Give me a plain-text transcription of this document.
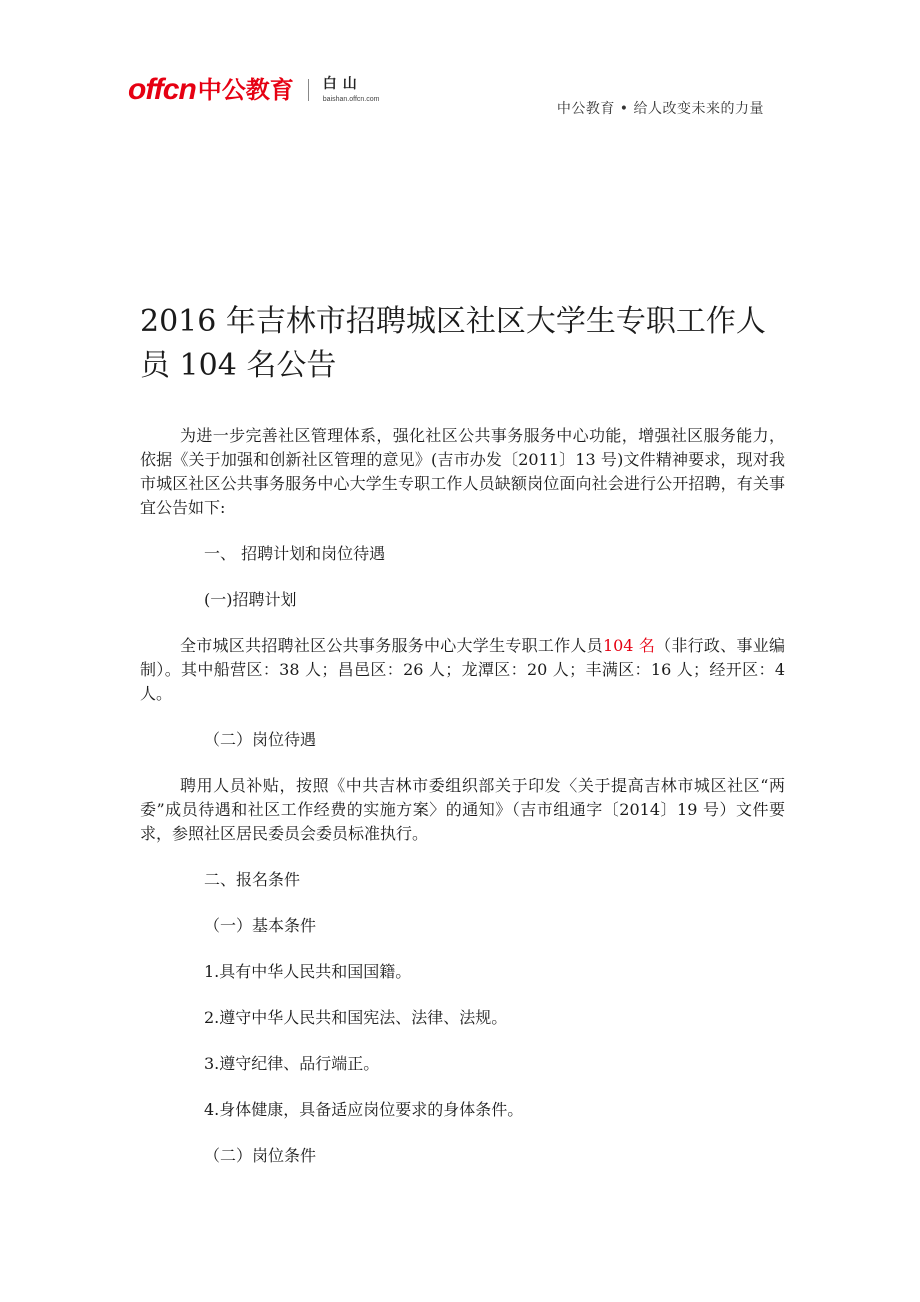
offcn 中公教育 白山
baishan.offcn.com
中公教育 • 给人改变未来的力量
2016 年吉林市招聘城区社区大学生专职工作人员 104 名公告

为进一步完善社区管理体系，强化社区公共事务服务中心功能，增强社区服务能力，依据《关于加强和创新社区管理的意见》(吉市办发〔2011〕13 号)文件精神要求，现对我市城区社区公共事务服务中心大学生专职工作人员缺额岗位面向社会进行公开招聘，有关事宜公告如下:

一、 招聘计划和岗位待遇

(一)招聘计划

全市城区共招聘社区公共事务服务中心大学生专职工作人员104 名（非行政、事业编制）。其中船营区：38 人；昌邑区：26 人；龙潭区：20 人；丰满区：16 人；经开区：4 人。

（二）岗位待遇

聘用人员补贴，按照《中共吉林市委组织部关于印发〈关于提高吉林市城区社区“两委”成员待遇和社区工作经费的实施方案〉的通知》（吉市组通字〔2014〕19 号）文件要求，参照社区居民委员会委员标准执行。

二、报名条件

（一）基本条件

1.具有中华人民共和国国籍。

2.遵守中华人民共和国宪法、法律、法规。

3.遵守纪律、品行端正。

4.身体健康，具备适应岗位要求的身体条件。

（二）岗位条件
